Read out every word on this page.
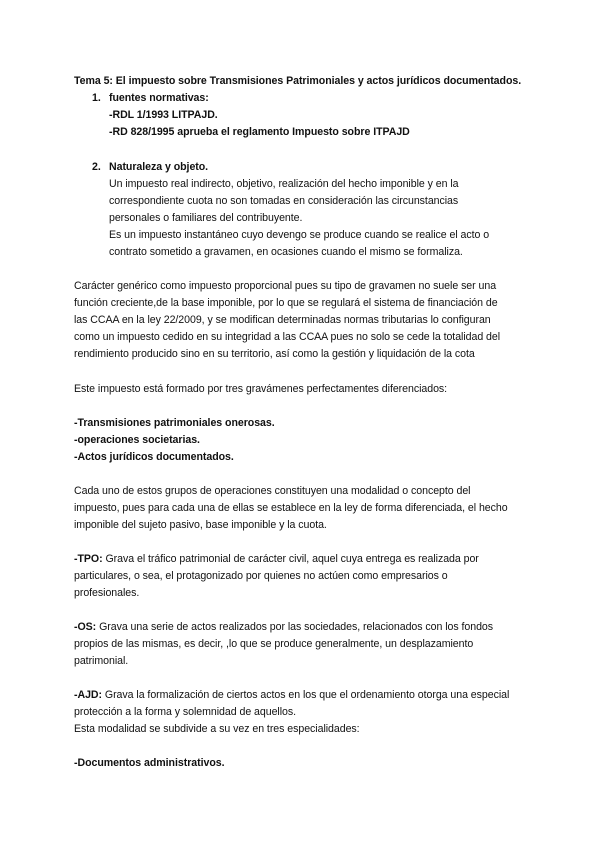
Tema 5: El impuesto sobre Transmisiones Patrimoniales y actos jurídicos documentados.
1. fuentes normativas:
-RDL 1/1993 LITPAJD.
-RD 828/1995 aprueba el reglamento Impuesto sobre ITPAJD
2. Naturaleza y objeto.
Un impuesto real indirecto, objetivo, realización del hecho imponible y en la
correspondiente cuota no son tomadas en consideración las circunstancias
personales o familiares del contribuyente.
Es un impuesto instantáneo cuyo devengo se produce cuando se realice el acto o
contrato sometido a gravamen, en ocasiones cuando el mismo se formaliza.
Carácter genérico como impuesto proporcional pues su tipo de gravamen no suele ser una
función creciente,de la base imponible, por lo que se regulará el sistema de financiación de
las CCAA en la ley 22/2009, y se modifican determinadas normas tributarias lo configuran
como un impuesto cedido en su integridad a las CCAA pues no solo se cede la totalidad del
rendimiento producido sino en su territorio, así como la gestión y liquidación de la cota
Este impuesto está formado por tres gravámenes perfectamentes diferenciados:
-Transmisiones patrimoniales onerosas.
-operaciones societarias.
-Actos jurídicos documentados.
Cada uno de estos grupos de operaciones constituyen una modalidad o concepto del
impuesto, pues para cada una de ellas se establece en la ley de forma diferenciada, el hecho
imponible del sujeto pasivo, base imponible y la cuota.
-TPO: Grava el tráfico patrimonial de carácter civil, aquel cuya entrega es realizada por
particulares, o sea, el protagonizado por quienes no actúen como empresarios o
profesionales.
-OS: Grava una serie de actos realizados por las sociedades, relacionados con los fondos
propios de las mismas, es decir, ,lo que se produce generalmente, un desplazamiento
patrimonial.
-AJD: Grava la formalización de ciertos actos en los que el ordenamiento otorga una especial
protección a la forma y solemnidad de aquellos.
Esta modalidad se subdivide a su vez en tres especialidades:
-Documentos administrativos.
